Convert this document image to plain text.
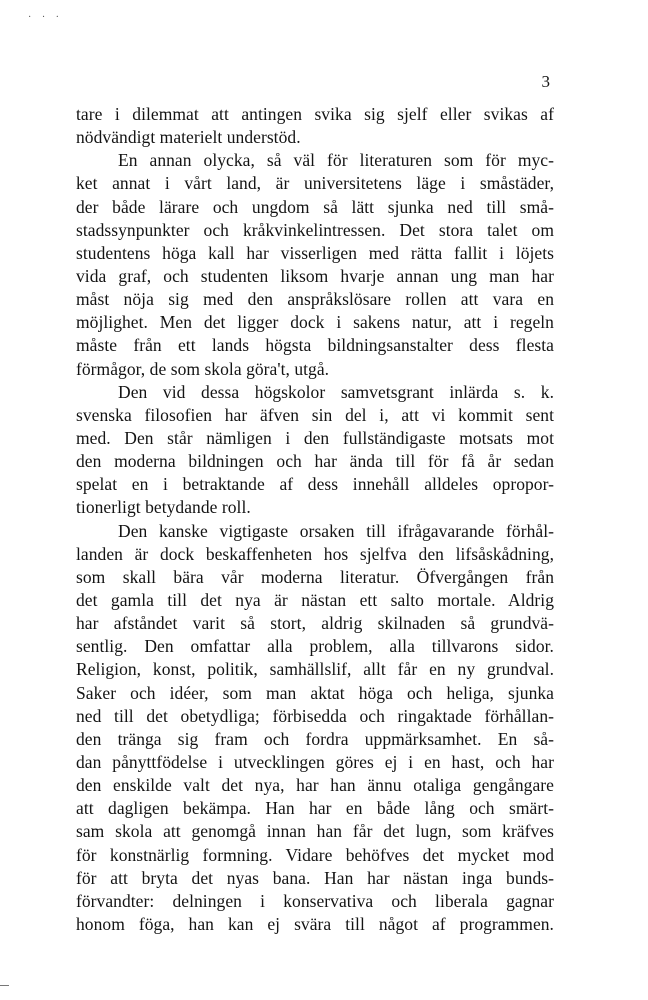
· · ·
3
tare i dilemmat att antingen svika sig sjelf eller svikas af
nödvändigt materielt understöd.
En annan olycka, så väl för literaturen som för myc-
ket annat i vårt land, är universitetens läge i småstäder,
der både lärare och ungdom så lätt sjunka ned till små-
stadssynpunkter och kråkvinkelintressen. Det stora talet om
studentens höga kall har visserligen med rätta fallit i löjets
vida graf, och studenten liksom hvarje annan ung man har
måst nöja sig med den anspråkslösare rollen att vara en
möjlighet. Men det ligger dock i sakens natur, att i regeln
måste från ett lands högsta bildningsanstalter dess flesta
förmågor, de som skola göra't, utgå.
Den vid dessa högskolor samvetsgrant inlärda s. k.
svenska filosofien har äfven sin del i, att vi kommit sent
med. Den står nämligen i den fullständigaste motsats mot
den moderna bildningen och har ända till för få år sedan
spelat en i betraktande af dess innehåll alldeles opropor-
tionerligt betydande roll.
Den kanske vigtigaste orsaken till ifrågavarande förhål-
landen är dock beskaffenheten hos sjelfva den lifsåskådning,
som skall bära vår moderna literatur. Öfvergången från
det gamla till det nya är nästan ett salto mortale. Aldrig
har afståndet varit så stort, aldrig skilnaden så grundvä-
sentlig. Den omfattar alla problem, alla tillvarons sidor.
Religion, konst, politik, samhällslif, allt får en ny grundval.
Saker och idéer, som man aktat höga och heliga, sjunka
ned till det obetydliga; förbisedda och ringaktade förhållan-
den tränga sig fram och fordra uppmärksamhet. En så-
dan pånyttfödelse i utvecklingen göres ej i en hast, och har
den enskilde valt det nya, har han ännu otaliga gengångare
att dagligen bekämpa. Han har en både lång och smärt-
sam skola att genomgå innan han får det lugn, som kräfves
för konstnärlig formning. Vidare behöfves det mycket mod
för att bryta det nyas bana. Han har nästan inga bunds-
förvandter: delningen i konservativa och liberala gagnar
honom föga, han kan ej svära till något af programmen.
